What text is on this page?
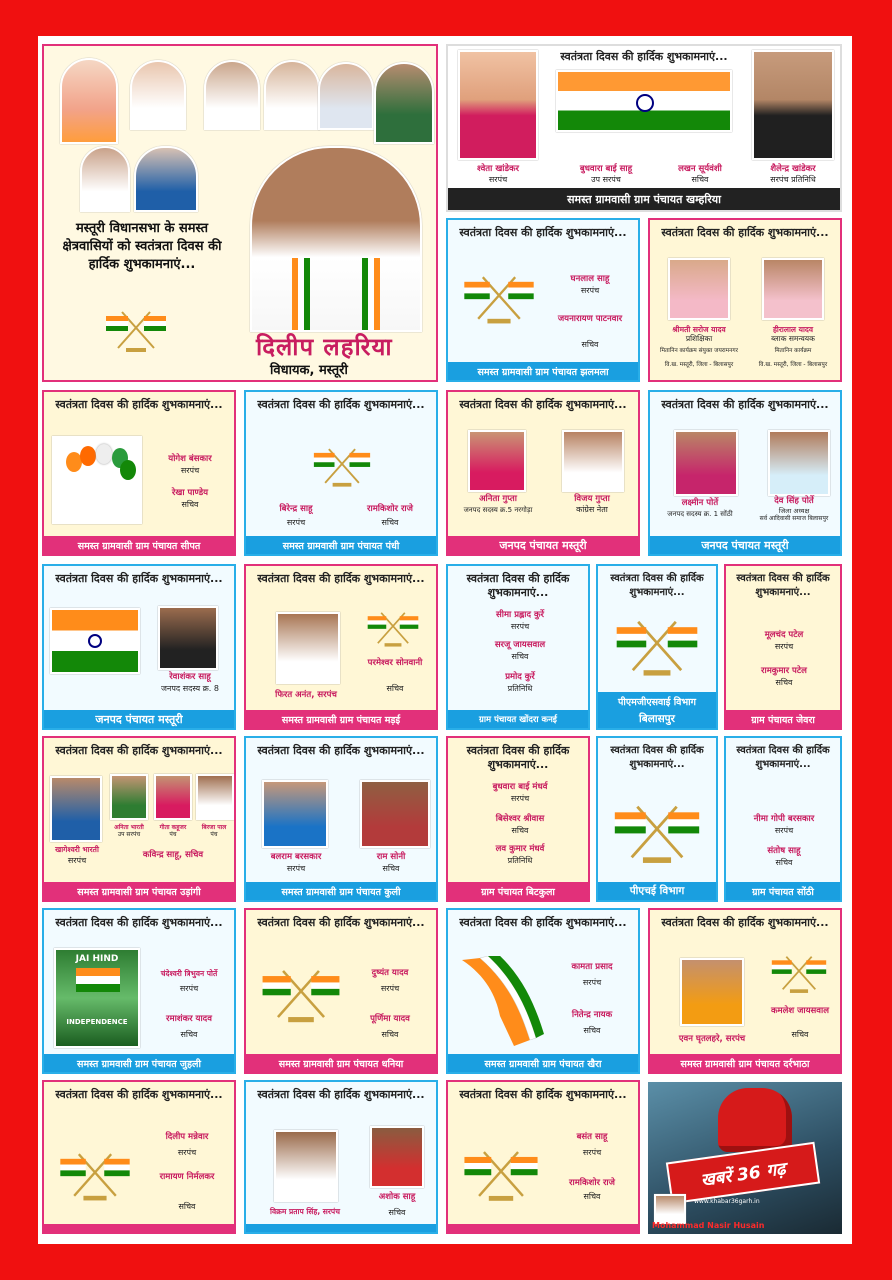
मस्तूरी विधानसभा के समस्त क्षेत्रवासियों को स्वतंत्रता दिवस की हार्दिक शुभकामनाएं...
दिलीप लहरिया
विधायक, मस्तूरी
स्वतंत्रता दिवस की हार्दिक शुभकामनाएं...
श्वेता खांडेकर
सरपंच
बुधवारा बाई साहू
उप सरपंच
लखन सूर्यवंशी
सचिव
शैलेन्द्र खांडेकर
सरपंच प्रतिनिधि
समस्त ग्रामवासी ग्राम पंचायत खम्हरिया
स्वतंत्रता दिवस की हार्दिक शुभकामनाएं...
घनलाल साहू
सरपंच
जयनारायण पाटनवार
सचिव
समस्त ग्रामवासी ग्राम पंचायत झलमला
स्वतंत्रता दिवस की हार्दिक शुभकामनाएं...
श्रीमती सरोज यादव
प्रशिक्षिका
मितानिन कार्यक्रम संयुक्त जयरामनगर
वि.ख. मस्तूरी, जिला - बिलासपुर
हीरालाल यादव
ब्लाक समन्वयक
मितानिन कार्यक्रम
वि.ख. मस्तूरी, जिला - बिलासपुर
स्वतंत्रता दिवस की हार्दिक शुभकामनाएं...
योगेश बंसकार
सरपंच
रेखा पाण्डेय
सचिव
समस्त ग्रामवासी ग्राम पंचायत सीपत
स्वतंत्रता दिवस की हार्दिक शुभकामनाएं...
बिरेन्द्र साहू
सरपंच
रामकिशोर राजे
सचिव
समस्त ग्रामवासी ग्राम पंचायत पंधी
स्वतंत्रता दिवस की हार्दिक शुभकामनाएं...
अनिता गुप्ता
जनपद सदस्य क्र.5 नरगोड़ा
विजय गुप्ता
कांग्रेस नेता
जनपद पंचायत मस्तूरी
स्वतंत्रता दिवस की हार्दिक शुभकामनाएं...
लक्ष्मीन पोर्ते
जनपद सदस्य क्र. 1 सोंठी
देव सिंह पोर्ते
जिला अध्यक्ष
सर्व आदिवासी समाज बिलासपुर
जनपद पंचायत मस्तूरी
स्वतंत्रता दिवस की हार्दिक शुभकामनाएं...
रेवाशंकर साहू
जनपद सदस्य क्र. 8
जनपद पंचायत मस्तूरी
स्वतंत्रता दिवस की हार्दिक शुभकामनाएं...
परमेश्वर सोनवानी
सचिव
फिरत अनंत, सरपंच
समस्त ग्रामवासी ग्राम पंचायत मड़ई
स्वतंत्रता दिवस की हार्दिक शुभकामनाएं...
सीमा प्रह्लाद कुर्रे
सरपंच
सरजू जायसवाल
सचिव
प्रमोद कुर्रे
प्रतिनिधि
ग्राम पंचायत खोंदरा कनई
स्वतंत्रता दिवस की हार्दिक शुभकामनाएं...
पीएमजीएसवाई विभाग
बिलासपुर
स्वतंत्रता दिवस की हार्दिक शुभकामनाएं...
मूलचंद पटेल
सरपंच
रामकुमार पटेल
सचिव
ग्राम पंचायत जेवरा
स्वतंत्रता दिवस की हार्दिक शुभकामनाएं...
अनिता भारती
उप सरपंच
गीता कहूजर
पंच
बिरजा पाल
पंच
खागेश्वरी भारती
सरपंच
कविन्द्र साहू, सचिव
समस्त ग्रामवासी ग्राम पंचायत उड़ांगी
स्वतंत्रता दिवस की हार्दिक शुभकामनाएं...
बलराम बरसकार
सरपंच
राम सोनी
सचिव
समस्त ग्रामवासी ग्राम पंचायत कुली
स्वतंत्रता दिवस की हार्दिक शुभकामनाएं...
बुधवारा बाई मंधर्व
सरपंच
बिसेश्वर श्रीवास
सचिव
लव कुमार मंधर्व
प्रतिनिधि
ग्राम पंचायत बिटकुला
स्वतंत्रता दिवस की हार्दिक शुभकामनाएं...
पीएचई विभाग
स्वतंत्रता दिवस की हार्दिक शुभकामनाएं...
नीमा गोपी बरसकार
सरपंच
संतोष साहू
सचिव
ग्राम पंचायत सोंठी
स्वतंत्रता दिवस की हार्दिक शुभकामनाएं...
JAI HIND
INDEPENDENCE
चंदेश्वरी त्रिभुवन पोर्ते
सरपंच
रमाशंकर यादव
सचिव
समस्त ग्रामवासी ग्राम पंचायत जुहली
स्वतंत्रता दिवस की हार्दिक शुभकामनाएं...
दुष्यंत यादव
सरपंच
पूर्णिमा यादव
सचिव
समस्त ग्रामवासी ग्राम पंचायत धनिया
स्वतंत्रता दिवस की हार्दिक शुभकामनाएं...
कामता प्रसाद
सरपंच
नितेन्द्र नायक
सचिव
समस्त ग्रामवासी ग्राम पंचायत खैरा
स्वतंत्रता दिवस की हार्दिक शुभकामनाएं...
कमलेश जायसवाल
सचिव
एवन घृतलहरे, सरपंच
समस्त ग्रामवासी ग्राम पंचायत दर्रभाठा
स्वतंत्रता दिवस की हार्दिक शुभकामनाएं...
दिलीप मन्नेवार
सरपंच
रामायण निर्मलकर
सचिव
स्वतंत्रता दिवस की हार्दिक शुभकामनाएं...
विक्रम प्रताप सिंह, सरपंच
अशोक साहू
सचिव
स्वतंत्रता दिवस की हार्दिक शुभकामनाएं...
बसंत साहू
सरपंच
रामकिशोर राजे
सचिव
खबरें 36 गढ़
www.khabar36garh.in
Mohammad Nasir Husain
